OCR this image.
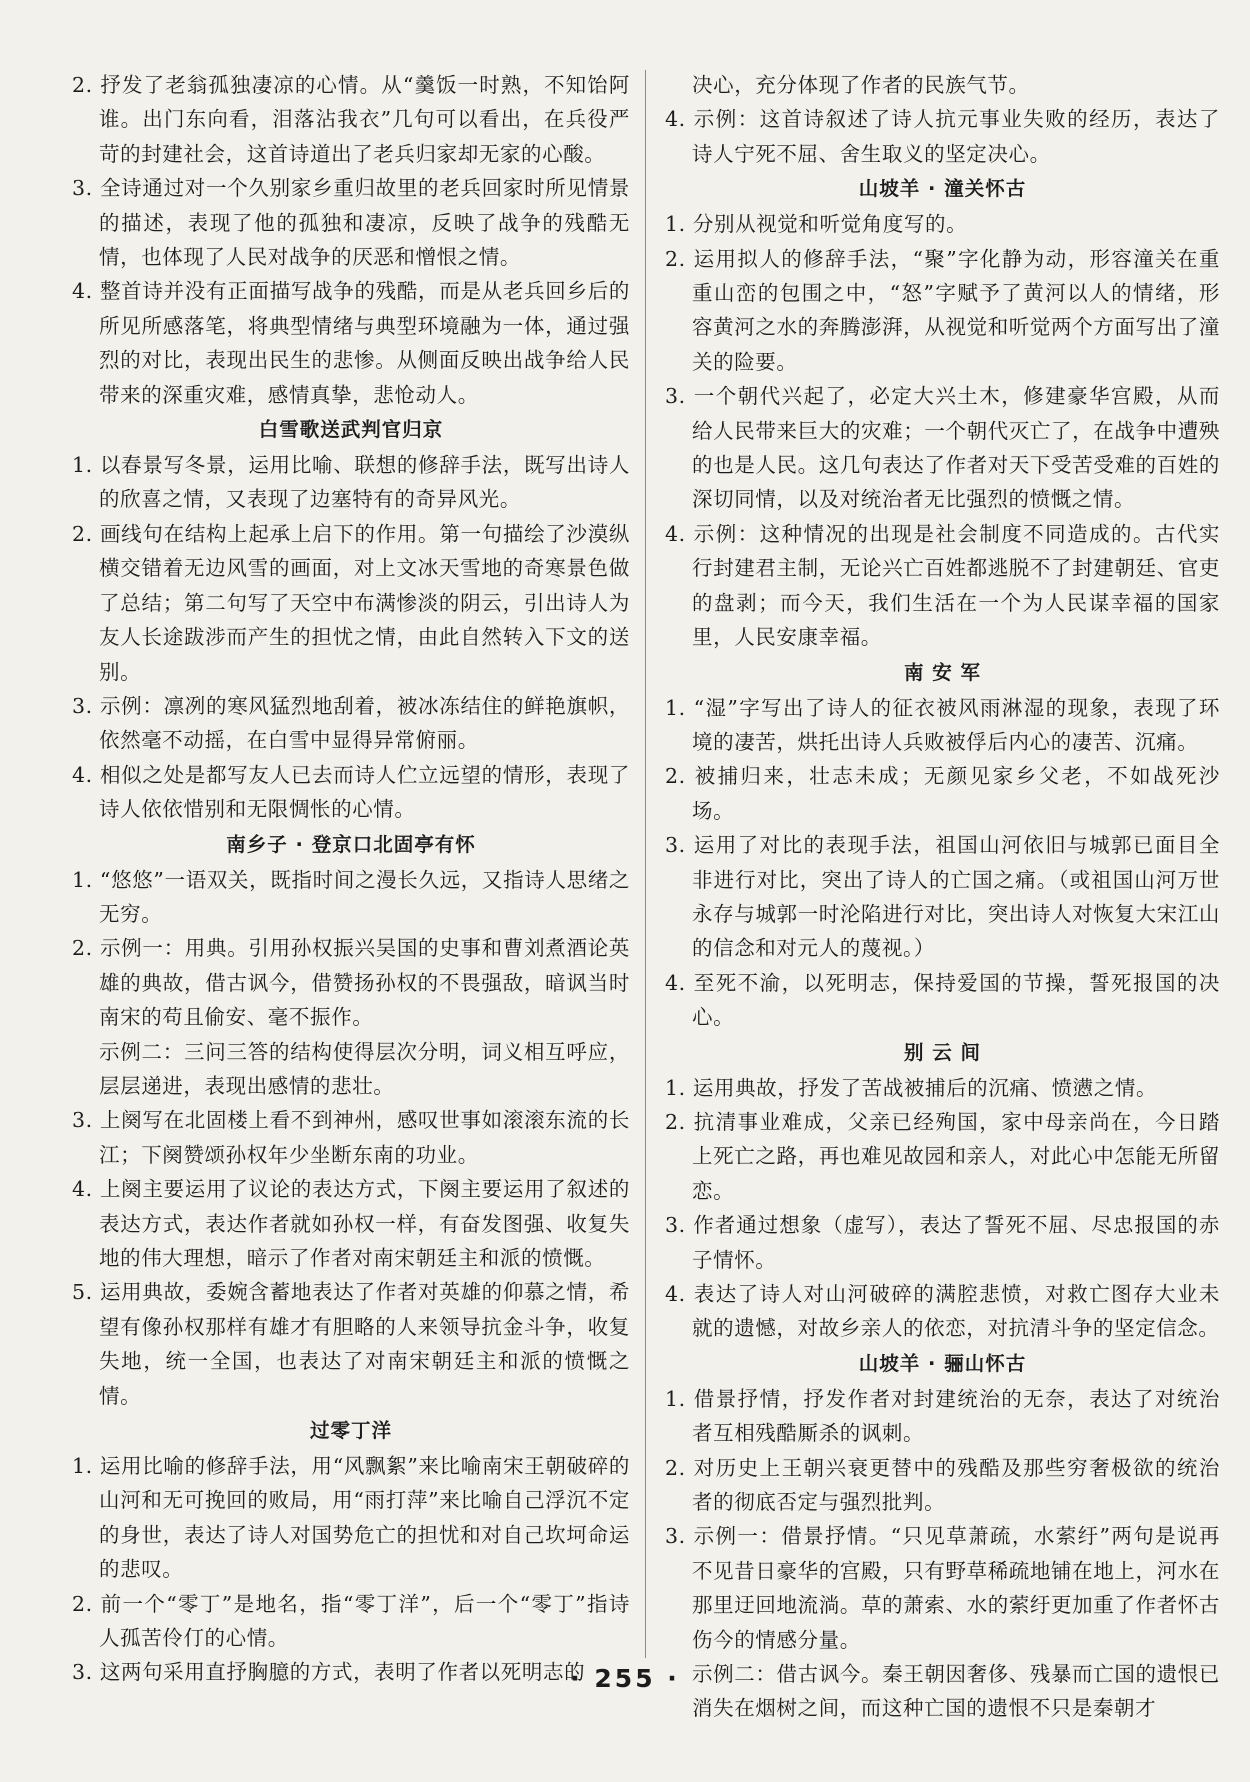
2. 抒发了老翁孤独凄凉的心情。从“羹饭一时熟，不知饴阿谁。出门东向看，泪落沾我衣”几句可以看出，在兵役严苛的封建社会，这首诗道出了老兵归家却无家的心酸。

3. 全诗通过对一个久别家乡重归故里的老兵回家时所见情景的描述，表现了他的孤独和凄凉，反映了战争的残酷无情，也体现了人民对战争的厌恶和憎恨之情。

4. 整首诗并没有正面描写战争的残酷，而是从老兵回乡后的所见所感落笔，将典型情绪与典型环境融为一体，通过强烈的对比，表现出民生的悲惨。从侧面反映出战争给人民带来的深重灾难，感情真挚，悲怆动人。

白雪歌送武判官归京

1. 以春景写冬景，运用比喻、联想的修辞手法，既写出诗人的欣喜之情，又表现了边塞特有的奇异风光。

2. 画线句在结构上起承上启下的作用。第一句描绘了沙漠纵横交错着无边风雪的画面，对上文冰天雪地的奇寒景色做了总结；第二句写了天空中布满惨淡的阴云，引出诗人为友人长途跋涉而产生的担忧之情，由此自然转入下文的送别。

3. 示例：凛冽的寒风猛烈地刮着，被冰冻结住的鲜艳旗帜，依然毫不动摇，在白雪中显得异常俯丽。

4. 相似之处是都写友人已去而诗人伫立远望的情形，表现了诗人依依惜别和无限惆怅的心情。

南乡子 · 登京口北固亭有怀

1. “悠悠”一语双关，既指时间之漫长久远，又指诗人思绪之无穷。

2. 示例一：用典。引用孙权振兴吴国的史事和曹刘煮酒论英雄的典故，借古讽今，借赞扬孙权的不畏强敌，暗讽当时南宋的苟且偷安、毫不振作。

示例二：三问三答的结构使得层次分明，词义相互呼应，层层递进，表现出感情的悲壮。

3. 上阕写在北固楼上看不到神州，感叹世事如滚滚东流的长江；下阕赞颂孙权年少坐断东南的功业。

4. 上阕主要运用了议论的表达方式，下阕主要运用了叙述的表达方式，表达作者就如孙权一样，有奋发图强、收复失地的伟大理想，暗示了作者对南宋朝廷主和派的愤慨。

5. 运用典故，委婉含蓄地表达了作者对英雄的仰慕之情，希望有像孙权那样有雄才有胆略的人来领导抗金斗争，收复失地，统一全国，也表达了对南宋朝廷主和派的愤慨之情。

过零丁洋

1. 运用比喻的修辞手法，用“风飘絮”来比喻南宋王朝破碎的山河和无可挽回的败局，用“雨打萍”来比喻自己浮沉不定的身世，表达了诗人对国势危亡的担忧和对自己坎坷命运的悲叹。

2. 前一个“零丁”是地名，指“零丁洋”，后一个“零丁”指诗人孤苦伶仃的心情。

3. 这两句采用直抒胸臆的方式，表明了作者以死明志的

决心，充分体现了作者的民族气节。

4. 示例：这首诗叙述了诗人抗元事业失败的经历，表达了诗人宁死不屈、舍生取义的坚定决心。

山坡羊 · 潼关怀古

1. 分别从视觉和听觉角度写的。

2. 运用拟人的修辞手法，“聚”字化静为动，形容潼关在重重山峦的包围之中，“怒”字赋予了黄河以人的情绪，形容黄河之水的奔腾澎湃，从视觉和听觉两个方面写出了潼关的险要。

3. 一个朝代兴起了，必定大兴土木，修建豪华宫殿，从而给人民带来巨大的灾难；一个朝代灭亡了，在战争中遭殃的也是人民。这几句表达了作者对天下受苦受难的百姓的深切同情，以及对统治者无比强烈的愤慨之情。

4. 示例：这种情况的出现是社会制度不同造成的。古代实行封建君主制，无论兴亡百姓都逃脱不了封建朝廷、官吏的盘剥；而今天，我们生活在一个为人民谋幸福的国家里，人民安康幸福。

南 安 军

1. “湿”字写出了诗人的征衣被风雨淋湿的现象，表现了环境的凄苦，烘托出诗人兵败被俘后内心的凄苦、沉痛。

2. 被捕归来，壮志未成；无颜见家乡父老，不如战死沙场。

3. 运用了对比的表现手法，祖国山河依旧与城郭已面目全非进行对比，突出了诗人的亡国之痛。（或祖国山河万世永存与城郭一时沦陷进行对比，突出诗人对恢复大宋江山的信念和对元人的蔑视。）

4. 至死不渝，以死明志，保持爱国的节操，誓死报国的决心。

别 云 间

1. 运用典故，抒发了苦战被捕后的沉痛、愤懑之情。

2. 抗清事业难成，父亲已经殉国，家中母亲尚在，今日踏上死亡之路，再也难见故园和亲人，对此心中怎能无所留恋。

3. 作者通过想象（虚写），表达了誓死不屈、尽忠报国的赤子情怀。

4. 表达了诗人对山河破碎的满腔悲愤，对救亡图存大业未就的遗憾，对故乡亲人的依恋，对抗清斗争的坚定信念。

山坡羊 · 骊山怀古

1. 借景抒情，抒发作者对封建统治的无奈，表达了对统治者互相残酷厮杀的讽刺。

2. 对历史上王朝兴衰更替中的残酷及那些穷奢极欲的统治者的彻底否定与强烈批判。

3. 示例一：借景抒情。“只见草萧疏，水萦纡”两句是说再不见昔日豪华的宫殿，只有野草稀疏地铺在地上，河水在那里迂回地流淌。草的萧索、水的萦纡更加重了作者怀古伤今的情感分量。

示例二：借古讽今。秦王朝因奢侈、残暴而亡国的遗恨已消失在烟树之间，而这种亡国的遗恨不只是秦朝才

· 255 ·
